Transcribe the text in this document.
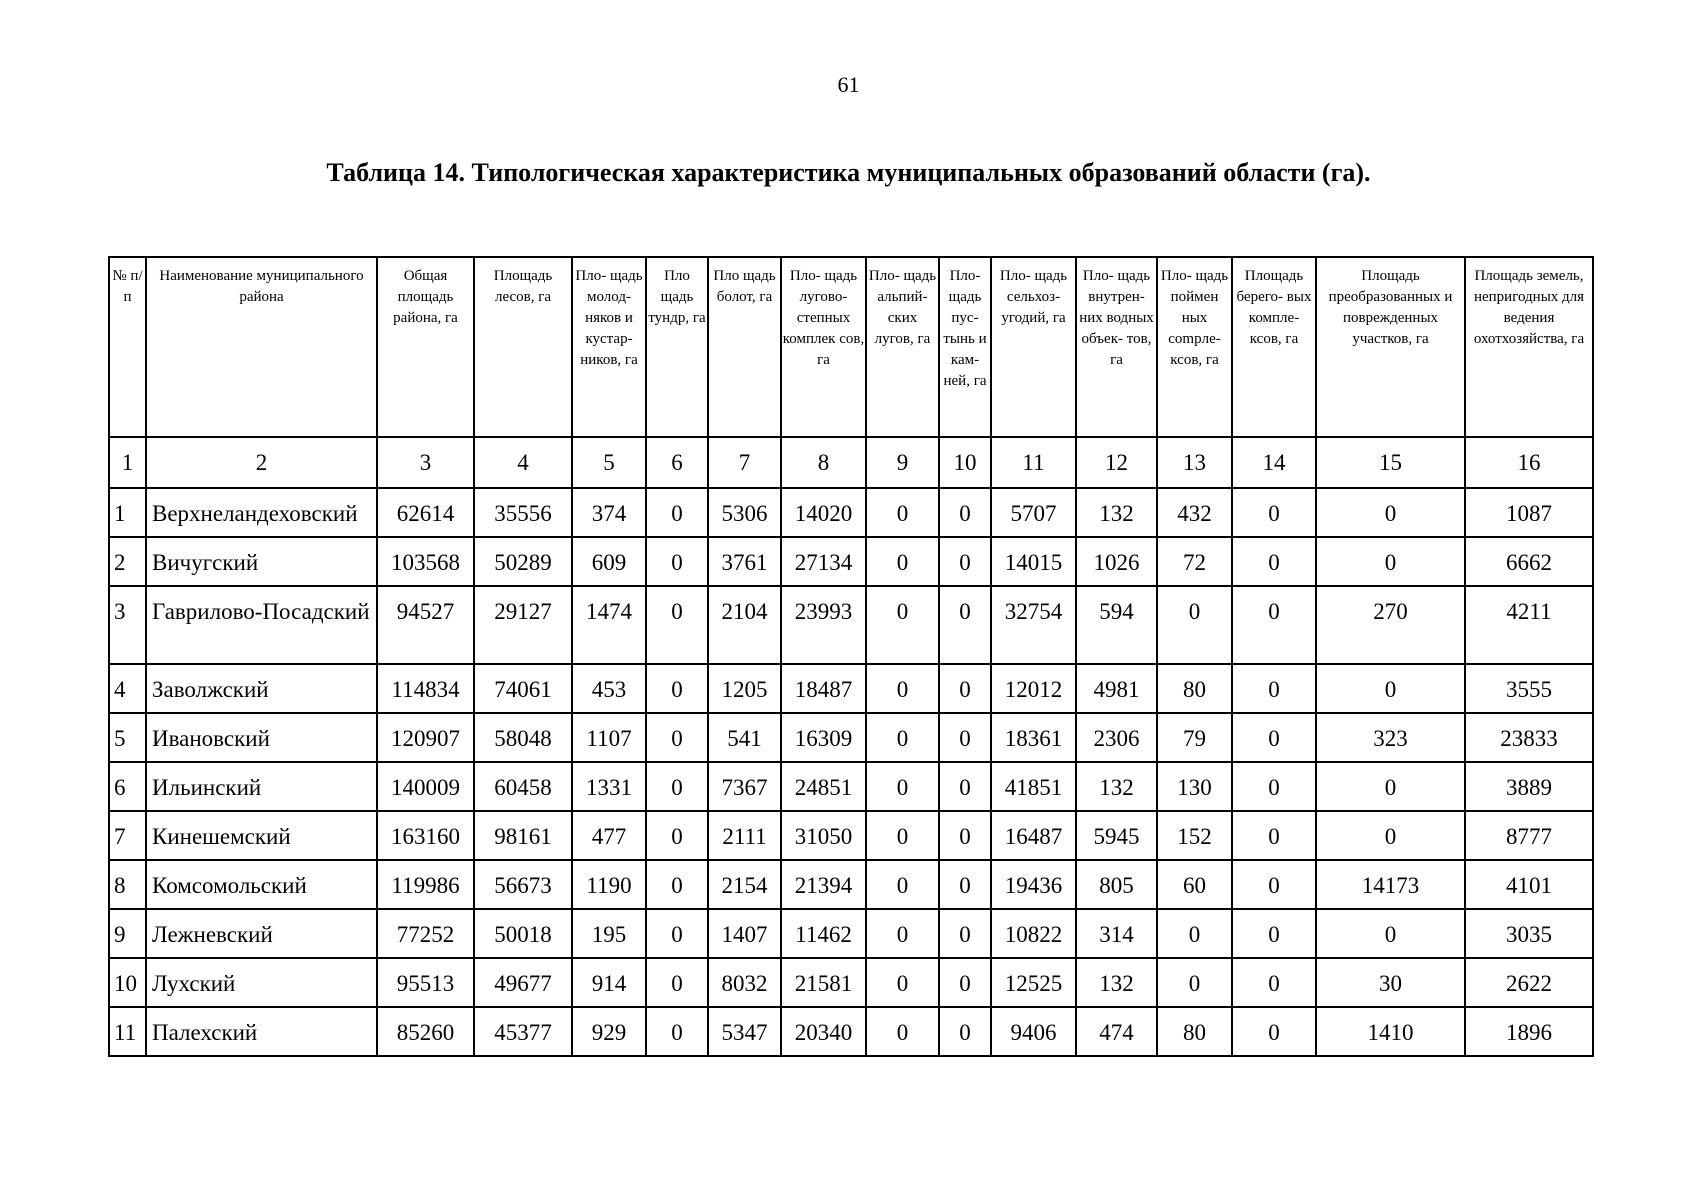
61
Таблица 14. Типологическая характеристика муниципальных образований области (га).
№ п/п	Наименование муниципального района	Общая площадь района, га	Площадь лесов, га	Пло- щадь молод- няков и кустар- ников, га	Пло щадь тундр, га	Пло щадь болот, га	Пло- щадь лугово- степных комплек сов, га	Пло- щадь альпий- ских лугов, га	Пло- щадь пус- тынь и кам- ней, га	Пло- щадь сельхоз- угодий, га	Пло- щадь внутрен- них водных объек- тов, га	Пло- щадь поймен ных compле- ксов, га	Площадь берего- вых компле- ксов, га	Площадь преобразованных и поврежденных участков, га	Площадь земель, непригодных для ведения охотхозяйства, га
1	2	3	4	5	6	7	8	9	10	11	12	13	14	15	16
1	Верхнеландеховский	62614	35556	374	0	5306	14020	0	0	5707	132	432	0	0	1087
2	Вичугский	103568	50289	609	0	3761	27134	0	0	14015	1026	72	0	0	6662
3	Гаврилово-Посадский	94527	29127	1474	0	2104	23993	0	0	32754	594	0	0	270	4211
4	Заволжский	114834	74061	453	0	1205	18487	0	0	12012	4981	80	0	0	3555
5	Ивановский	120907	58048	1107	0	541	16309	0	0	18361	2306	79	0	323	23833
6	Ильинский	140009	60458	1331	0	7367	24851	0	0	41851	132	130	0	0	3889
7	Кинешемский	163160	98161	477	0	2111	31050	0	0	16487	5945	152	0	0	8777
8	Комсомольский	119986	56673	1190	0	2154	21394	0	0	19436	805	60	0	14173	4101
9	Лежневский	77252	50018	195	0	1407	11462	0	0	10822	314	0	0	0	3035
10	Лухский	95513	49677	914	0	8032	21581	0	0	12525	132	0	0	30	2622
11	Палехский	85260	45377	929	0	5347	20340	0	0	9406	474	80	0	1410	1896
